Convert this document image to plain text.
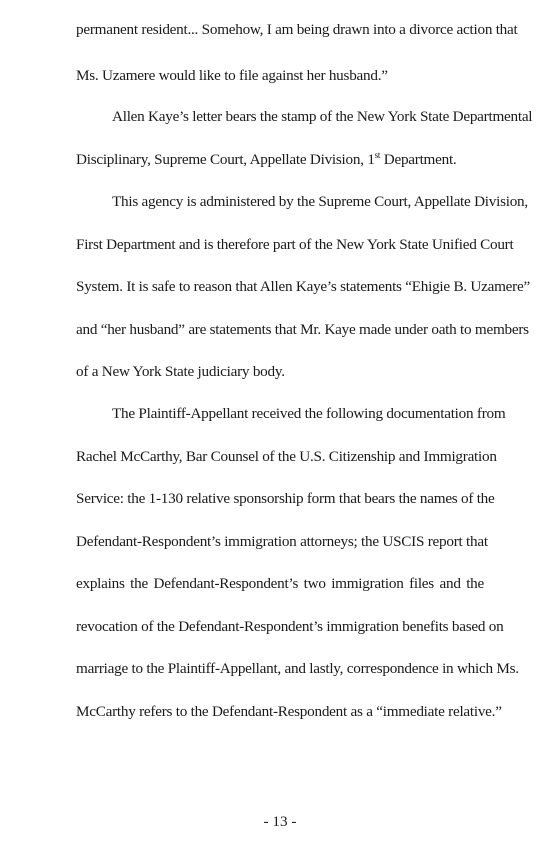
permanent resident... Somehow, I am being drawn into a divorce action that
Ms. Uzamere would like to file against her husband.”
Allen Kaye’s letter bears the stamp of the New York State Departmental
Disciplinary, Supreme Court, Appellate Division, 1st Department.
This agency is administered by the Supreme Court, Appellate Division,
First Department and is therefore part of the New York State Unified Court
System. It is safe to reason that Allen Kaye’s statements “Ehigie B. Uzamere”
and “her husband” are statements that Mr. Kaye made under oath to members
of a New York State judiciary body.
The Plaintiff-Appellant received the following documentation from
Rachel McCarthy, Bar Counsel of the U.S. Citizenship and Immigration
Service: the 1-130 relative sponsorship form that bears the names of the
Defendant-Respondent’s immigration attorneys; the USCIS report that
explains the Defendant-Respondent’s two immigration files and the
revocation of the Defendant-Respondent’s immigration benefits based on
marriage to the Plaintiff-Appellant, and lastly, correspondence in which Ms.
McCarthy refers to the Defendant-Respondent as a “immediate relative.”
- 13 -
